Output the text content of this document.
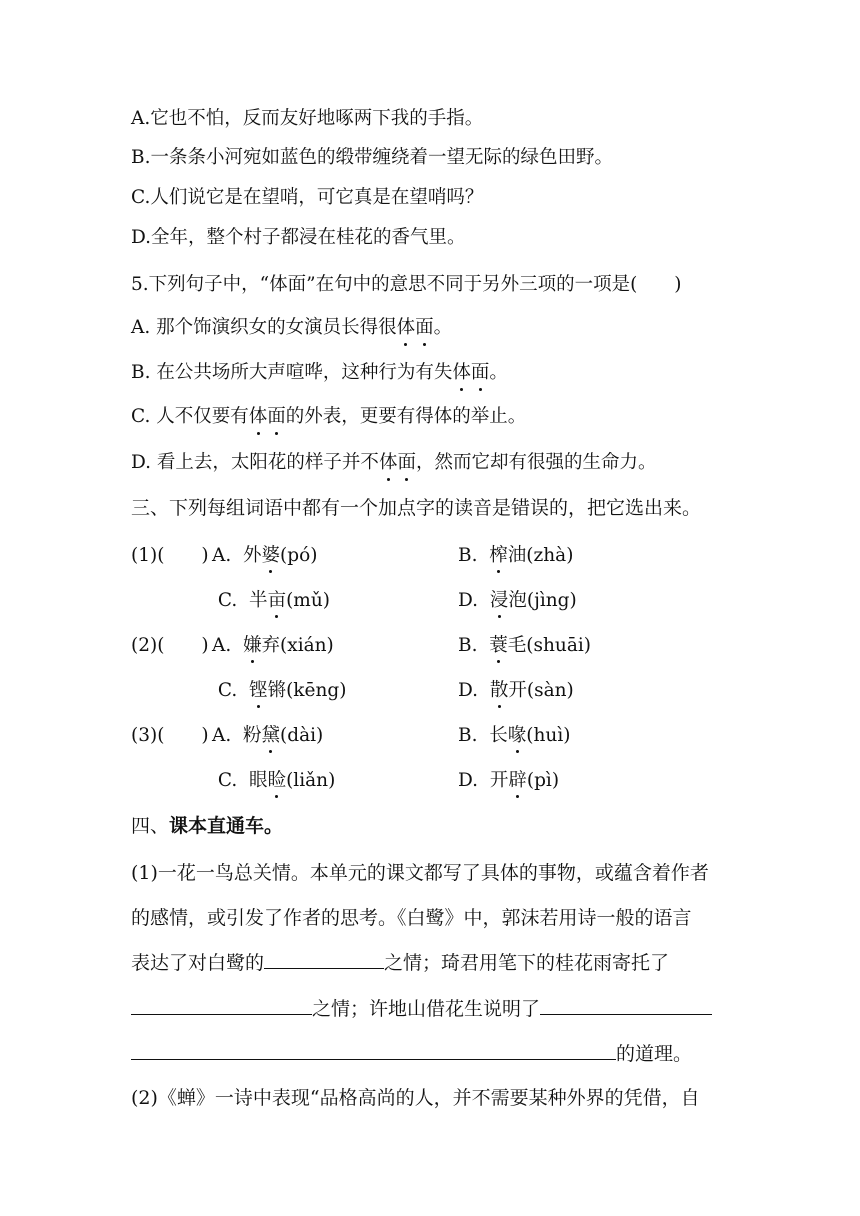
A.它也不怕，反而友好地啄两下我的手指。
B.一条条小河宛如蓝色的缎带缠绕着一望无际的绿色田野。
C.人们说它是在望哨，可它真是在望哨吗？
D.全年，整个村子都浸在桂花的香气里。
5.下列句子中，“体面”在句中的意思不同于另外三项的一项是(　　)
A. 那个饰演织女的女演员长得很体面。
B. 在公共场所大声喧哗，这种行为有失体面。
C. 人不仅要有体面的外表，更要有得体的举止。
D. 看上去，太阳花的样子并不体面，然而它却有很强的生命力。
三、下列每组词语中都有一个加点字的读音是错误的，把它选出来。
(1)(　　) A. 外婆(pó)	B. 榨油(zhà)
C. 半亩(mǔ)	D. 浸泡(jìng)
(2)(　　) A. 嫌弃(xián)	B. 蓑毛(shuāi)
C. 铿锵(kēng)	D. 散开(sàn)
(3)(　　) A. 粉黛(dài)	B. 长喙(huì)
C. 眼睑(liǎn)	D. 开辟(pì)
四、课本直通车。
(1)一花一鸟总关情。本单元的课文都写了具体的事物，或蕴含着作者
的感情，或引发了作者的思考。《白鹭》中，郭沫若用诗一般的语言
表达了对白鹭的	之情；琦君用笔下的桂花雨寄托了
之情；许地山借花生说明了
的道理。
(2)《蝉》一诗中表现“品格高尚的人，并不需要某种外界的凭借，自
